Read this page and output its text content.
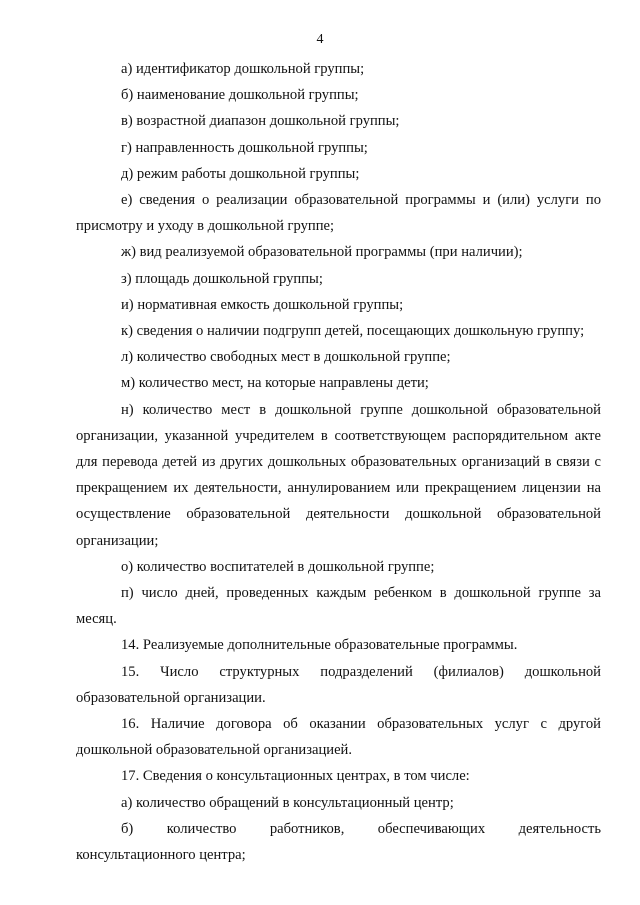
4

а) идентификатор дошкольной группы;

б) наименование дошкольной группы;

в) возрастной диапазон дошкольной группы;

г) направленность дошкольной группы;

д) режим работы дошкольной группы;

е) сведения о реализации образовательной программы и (или) услуги по присмотру и уходу в дошкольной группе;

ж) вид реализуемой образовательной программы (при наличии);

з) площадь дошкольной группы;

и) нормативная емкость дошкольной группы;

к) сведения о наличии подгрупп детей, посещающих дошкольную группу;

л) количество свободных мест в дошкольной группе;

м) количество мест, на которые направлены дети;

н) количество мест в дошкольной группе дошкольной образовательной организации, указанной учредителем в соответствующем распорядительном акте для перевода детей из других дошкольных образовательных организаций в связи с прекращением их деятельности, аннулированием или прекращением лицензии на осуществление образовательной деятельности дошкольной образовательной организации;

о) количество воспитателей в дошкольной группе;

п) число дней, проведенных каждым ребенком в дошкольной группе за месяц.

14. Реализуемые дополнительные образовательные программы.

15. Число структурных подразделений (филиалов) дошкольной образовательной организации.

16. Наличие договора об оказании образовательных услуг с другой дошкольной образовательной организацией.

17. Сведения о консультационных центрах, в том числе:

а) количество обращений в консультационный центр;

б) количество работников, обеспечивающих деятельность консультационного центра;
